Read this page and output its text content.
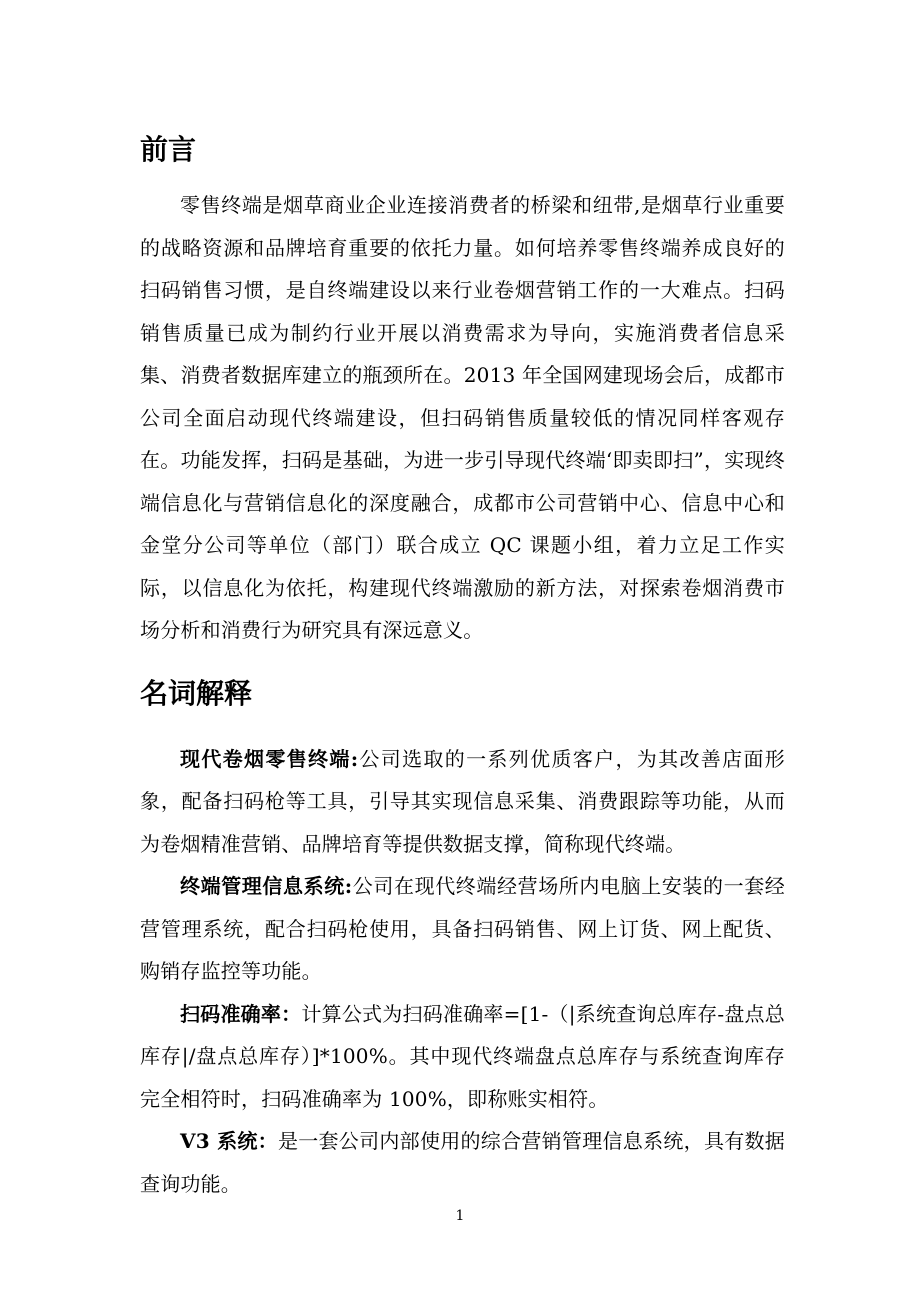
前言

零售终端是烟草商业企业连接消费者的桥梁和纽带,是烟草行业重要的战略资源和品牌培育重要的依托力量。如何培养零售终端养成良好的扫码销售习惯，是自终端建设以来行业卷烟营销工作的一大难点。扫码销售质量已成为制约行业开展以消费需求为导向，实施消费者信息采集、消费者数据库建立的瓶颈所在。2013 年全国网建现场会后，成都市公司全面启动现代终端建设，但扫码销售质量较低的情况同样客观存在。功能发挥，扫码是基础，为进一步引导现代终端‘即卖即扫”，实现终端信息化与营销信息化的深度融合，成都市公司营销中心、信息中心和金堂分公司等单位（部门）联合成立 QC 课题小组，着力立足工作实际，以信息化为依托，构建现代终端激励的新方法，对探索卷烟消费市场分析和消费行为研究具有深远意义。

名词解释

现代卷烟零售终端:公司选取的一系列优质客户，为其改善店面形象，配备扫码枪等工具，引导其实现信息采集、消费跟踪等功能，从而为卷烟精准营销、品牌培育等提供数据支撑，简称现代终端。

终端管理信息系统:公司在现代终端经营场所内电脑上安装的一套经营管理系统，配合扫码枪使用，具备扫码销售、网上订货、网上配货、购销存监控等功能。

扫码准确率：计算公式为扫码准确率=[1-（|系统查询总库存-盘点总库存|/盘点总库存）]*100%。其中现代终端盘点总库存与系统查询库存完全相符时，扫码准确率为 100%，即称账实相符。

V3 系统：是一套公司内部使用的综合营销管理信息系统，具有数据查询功能。

1
